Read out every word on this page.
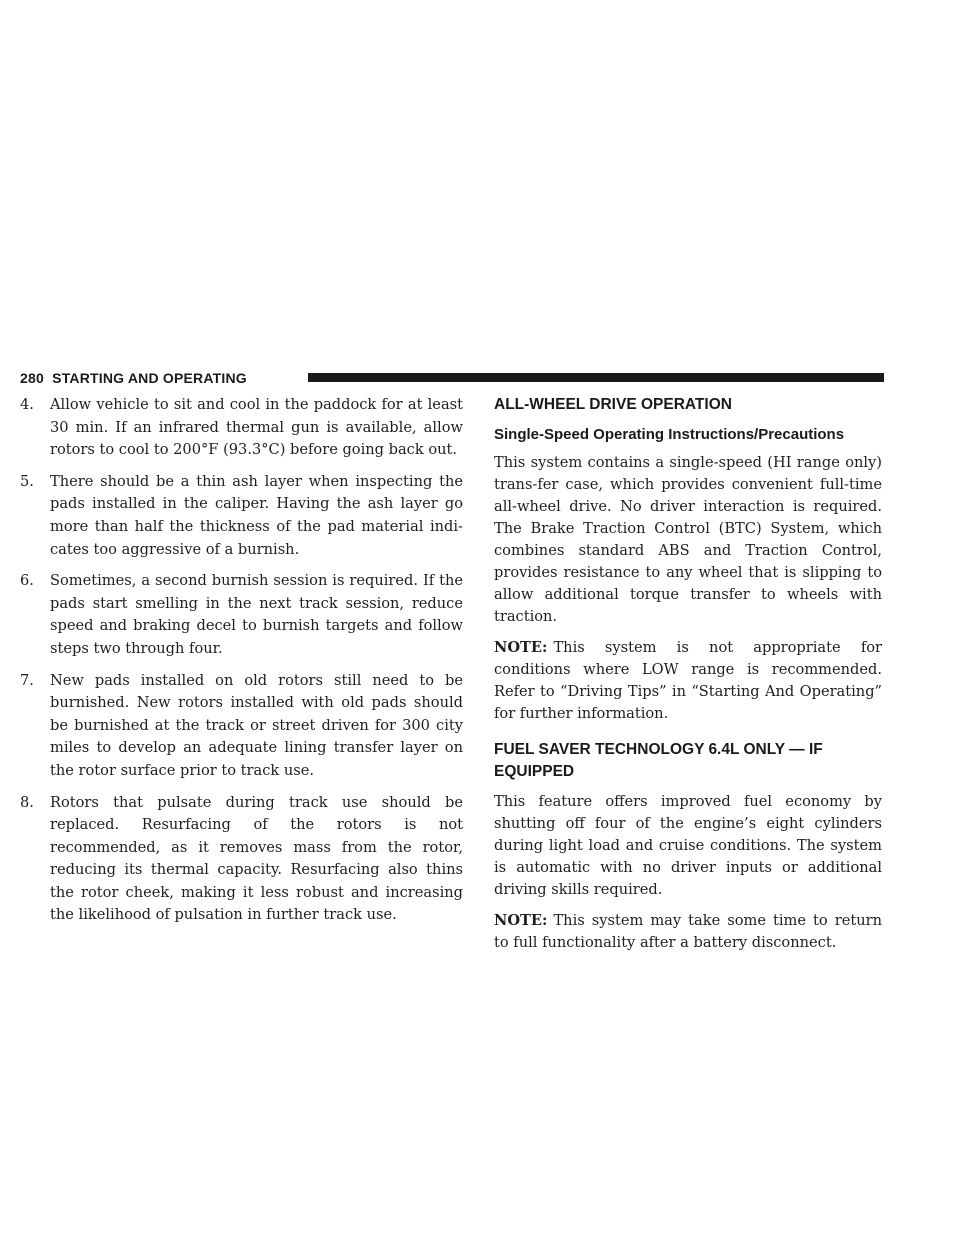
280 STARTING AND OPERATING
4. Allow vehicle to sit and cool in the paddock for at least 30 min. If an infrared thermal gun is available, allow rotors to cool to 200°F (93.3°C) before going back out.
5. There should be a thin ash layer when inspecting the pads installed in the caliper. Having the ash layer go more than half the thickness of the pad material indi-cates too aggressive of a burnish.
6. Sometimes, a second burnish session is required. If the pads start smelling in the next track session, reduce speed and braking decel to burnish targets and follow steps two through four.
7. New pads installed on old rotors still need to be burnished. New rotors installed with old pads should be burnished at the track or street driven for 300 city miles to develop an adequate lining transfer layer on the rotor surface prior to track use.
8. Rotors that pulsate during track use should be replaced. Resurfacing of the rotors is not recommended, as it removes mass from the rotor, reducing its thermal capacity. Resurfacing also thins the rotor cheek, making it less robust and increasing the likelihood of pulsation in further track use.
ALL-WHEEL DRIVE OPERATION
Single-Speed Operating Instructions/Precautions

This system contains a single-speed (HI range only) trans-fer case, which provides convenient full-time all-wheel drive. No driver interaction is required. The Brake Traction Control (BTC) System, which combines standard ABS and Traction Control, provides resistance to any wheel that is slipping to allow additional torque transfer to wheels with traction.

NOTE: This system is not appropriate for conditions where LOW range is recommended. Refer to “Driving Tips” in “Starting And Operating” for further information.

FUEL SAVER TECHNOLOGY 6.4L ONLY — IF EQUIPPED

This feature offers improved fuel economy by shutting off four of the engine’s eight cylinders during light load and cruise conditions. The system is automatic with no driver inputs or additional driving skills required.

NOTE: This system may take some time to return to full functionality after a battery disconnect.
